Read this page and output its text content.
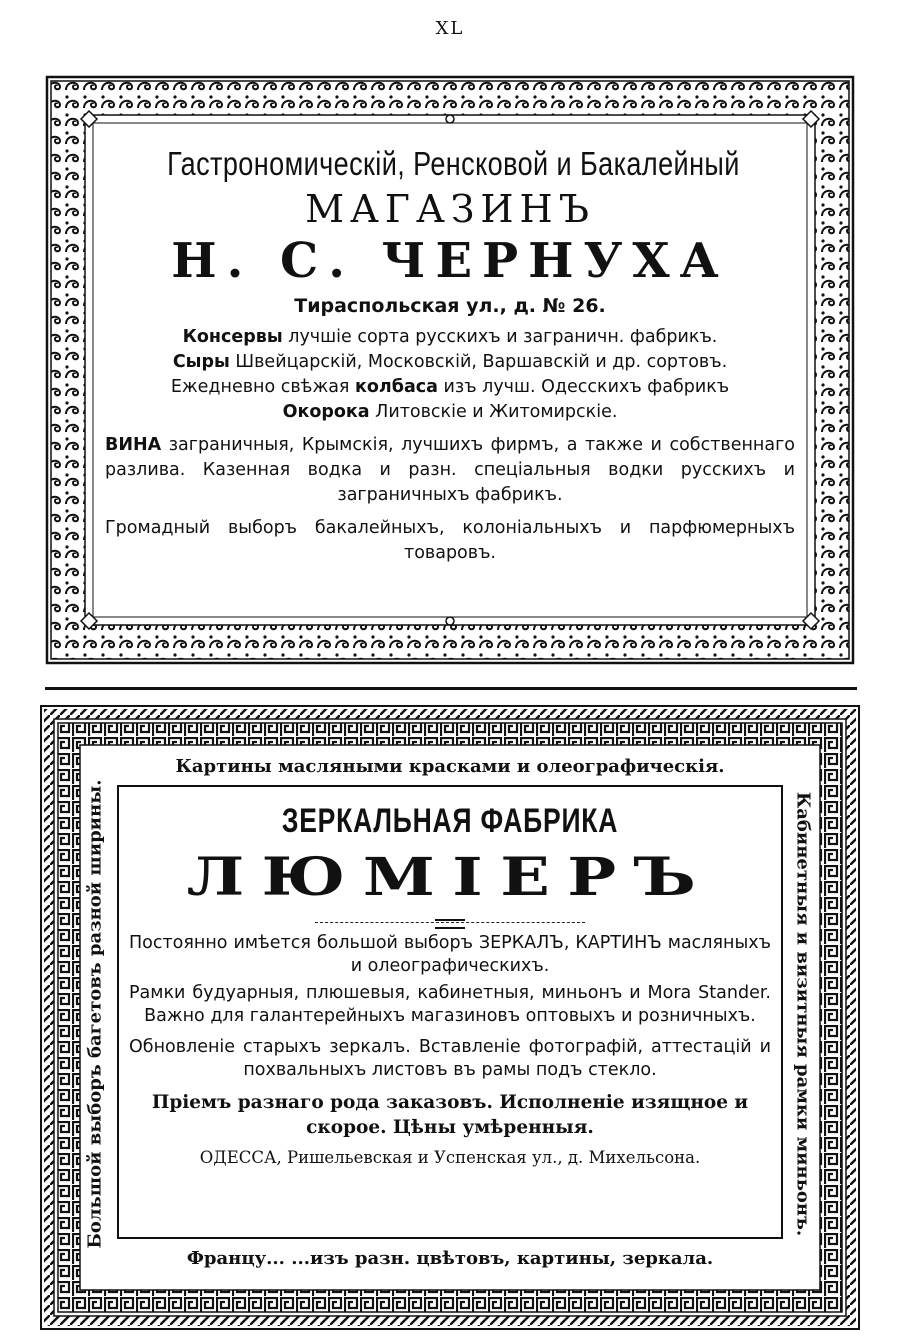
XL
Гастрономическій, Ренсковой и Бакалейный
МАГАЗИНЪ
Н. С. ЧЕРНУХА
Тираспольская ул., д. № 26.
Консервы лучшіе сорта русскихъ и заграничн. фабрикъ.
Сыры Швейцарскій, Московскій, Варшавскій и др. сортовъ.
Ежедневно свѣжая колбаса изъ лучш. Одесскихъ фабрикъ
Окорока Литовскіе и Житомирскіе.
ВИНА заграничныя, Крымскія, лучшихъ фирмъ, а также и собственнаго разлива. Казенная водка и разн. спеціальныя водки русскихъ и заграничныхъ фабрикъ.
Громадный выборъ бакалейныхъ, колоніальныхъ и парфюмерныхъ товаровъ.
Картины масляными красками и олеографическія.
Большой выборъ багетовъ разной ширины.	Кабинетныя и визитныя рамки миньонъ.
Францу... ...изъ разн. цвѣтовъ, картины, зеркала.
ЗЕРКАЛЬНАЯ ФАБРИКА
ЛЮМІЕРЪ
Постоянно имѣется большой выборъ ЗЕРКАЛЪ, КАРТИНЪ масляныхъ и олеографическихъ.
Рамки будуарныя, плюшевыя, кабинетныя, миньонъ и Mora Stander. Важно для галантерейныхъ магазиновъ оптовыхъ и розничныхъ.
Обновленіе старыхъ зеркалъ. Вставленіе фотографій, аттестацій и похвальныхъ листовъ въ рамы подъ стекло.
Пріемъ разнаго рода заказовъ. Исполненіе изящное и скорое. Цѣны умѣренныя.
ОДЕССА, Ришельевская и Успенская ул., д. Михельсона.
